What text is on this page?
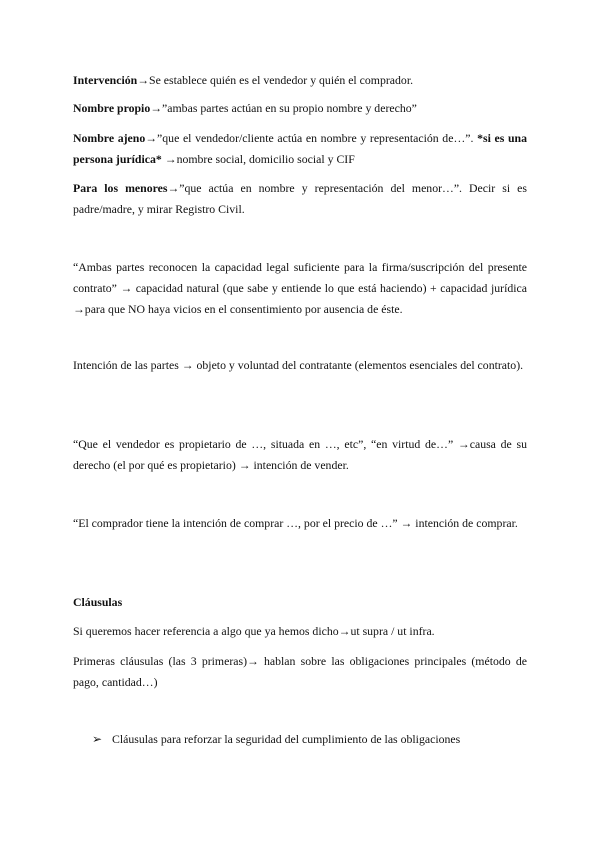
Intervención→Se establece quién es el vendedor y quién el comprador.

Nombre propio→”ambas partes actúan en su propio nombre y derecho”

Nombre ajeno→”que el vendedor/cliente actúa en nombre y representación de…”. *si es una persona jurídica* →nombre social, domicilio social y CIF

Para los menores→”que actúa en nombre y representación del menor…”. Decir si es padre/madre, y mirar Registro Civil.

“Ambas partes reconocen la capacidad legal suficiente para la firma/suscripción del presente contrato” → capacidad natural (que sabe y entiende lo que está haciendo) + capacidad jurídica →para que NO haya vicios en el consentimiento por ausencia de éste.

Intención de las partes → objeto y voluntad del contratante (elementos esenciales del contrato).

“Que el vendedor es propietario de …, situada en …, etc”, “en virtud de…” →causa de su derecho (el por qué es propietario) → intención de vender.

“El comprador tiene la intención de comprar …, por el precio de …” → intención de comprar.

Cláusulas

Si queremos hacer referencia a algo que ya hemos dicho→ut supra / ut infra.

Primeras cláusulas (las 3 primeras)→ hablan sobre las obligaciones principales (método de pago, cantidad…)

➢ Cláusulas para reforzar la seguridad del cumplimiento de las obligaciones
